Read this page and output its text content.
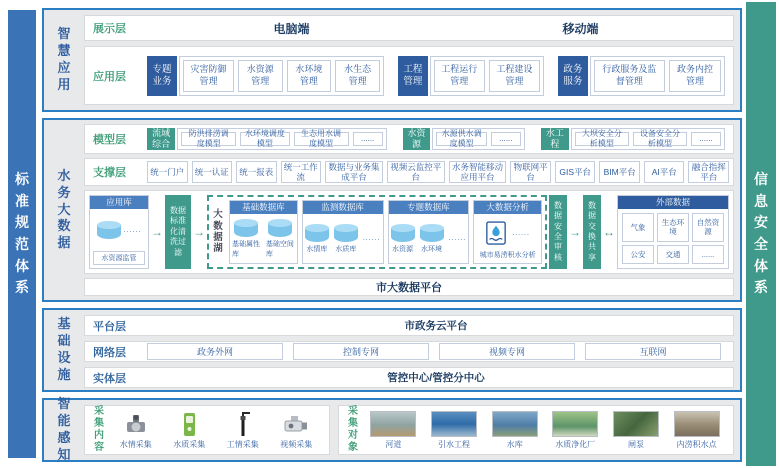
标准规范体系
信息安全体系
智慧应用
展示层	电脑端	移动端
应用层
专题业务
灾害防御管理
水资源管理
水环境管理
水生态管理
工程管理
工程运行管理
工程建设管理
政务服务
行政服务及监督管理
政务内控管理
水务大数据
模型层
流域综合
防洪排涝调度模型
水环境调度模型
生态用水调度模型
......
水资源
水源供水调度模型
......
水工程
大坝安全分析模型
设备安全分析模型
......
支撑层	统一门户	统一认证	统一报表
统一工作流
数据与业务集成平台
视频云监控平台
水务智能移动应用平台
物联网平台
GIS平台	BIM平台	AI平台
融合指挥平台
应用库
......
水资源监管
→
数据标准化清洗过滤
→
大数据湖
基础数据库
基础属性库
基础空间库
监测数据库
水情库 水质库
......
专题数据库
水资源 水环境
......
大数据分析
......
城市易涝积水分析
数据安全审核
→
数据交换共享
↔
外部数据
气象	生态环境
自然资源
公安	交通	......
市大数据平台
基础设施
平台层	市政务云平台
网络层	政务外网	控制专网	视频专网	互联网
实体层	管控中心/管控分中心
智能感知
采集内容 水情采集	水质采集	工情采集	视频采集
采集对象	河道	引水工程	水库	水质净化厂	闸泵	内涝积水点
